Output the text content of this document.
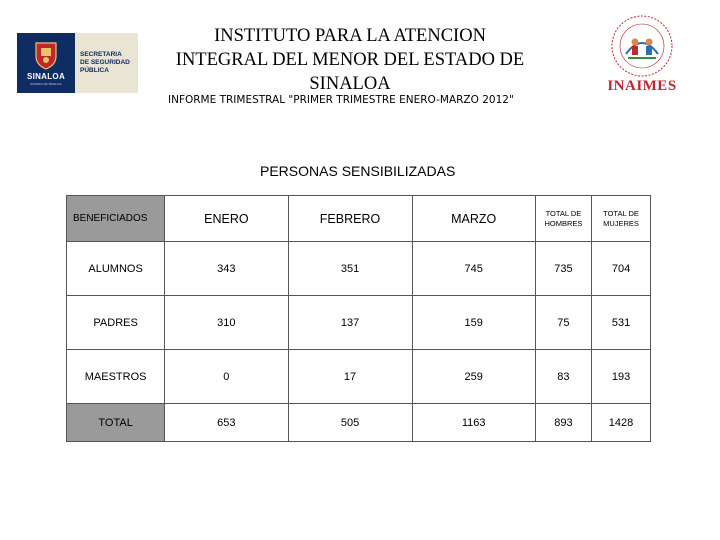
SINALOA
ESTADO DE SINALOA
SECRETARIA
DE SEGURIDAD
PÚBLICA
INSTITUTO PARA LA ATENCION
INTEGRAL DEL MENOR DEL ESTADO DE
SINALOA
INFORME TRIMESTRAL "PRIMER TRIMESTRE ENERO-MARZO 2012"
INAIMES
PERSONAS SENSIBILIZADAS
BENEFICIADOS	ENERO	FEBRERO	MARZO	TOTAL DE HOMBRES	TOTAL DE MUJERES
ALUMNOS	343	351	745	735	704
PADRES	310	137	159	75	531
MAESTROS	0	17	259	83	193
TOTAL	653	505	1163	893	1428
